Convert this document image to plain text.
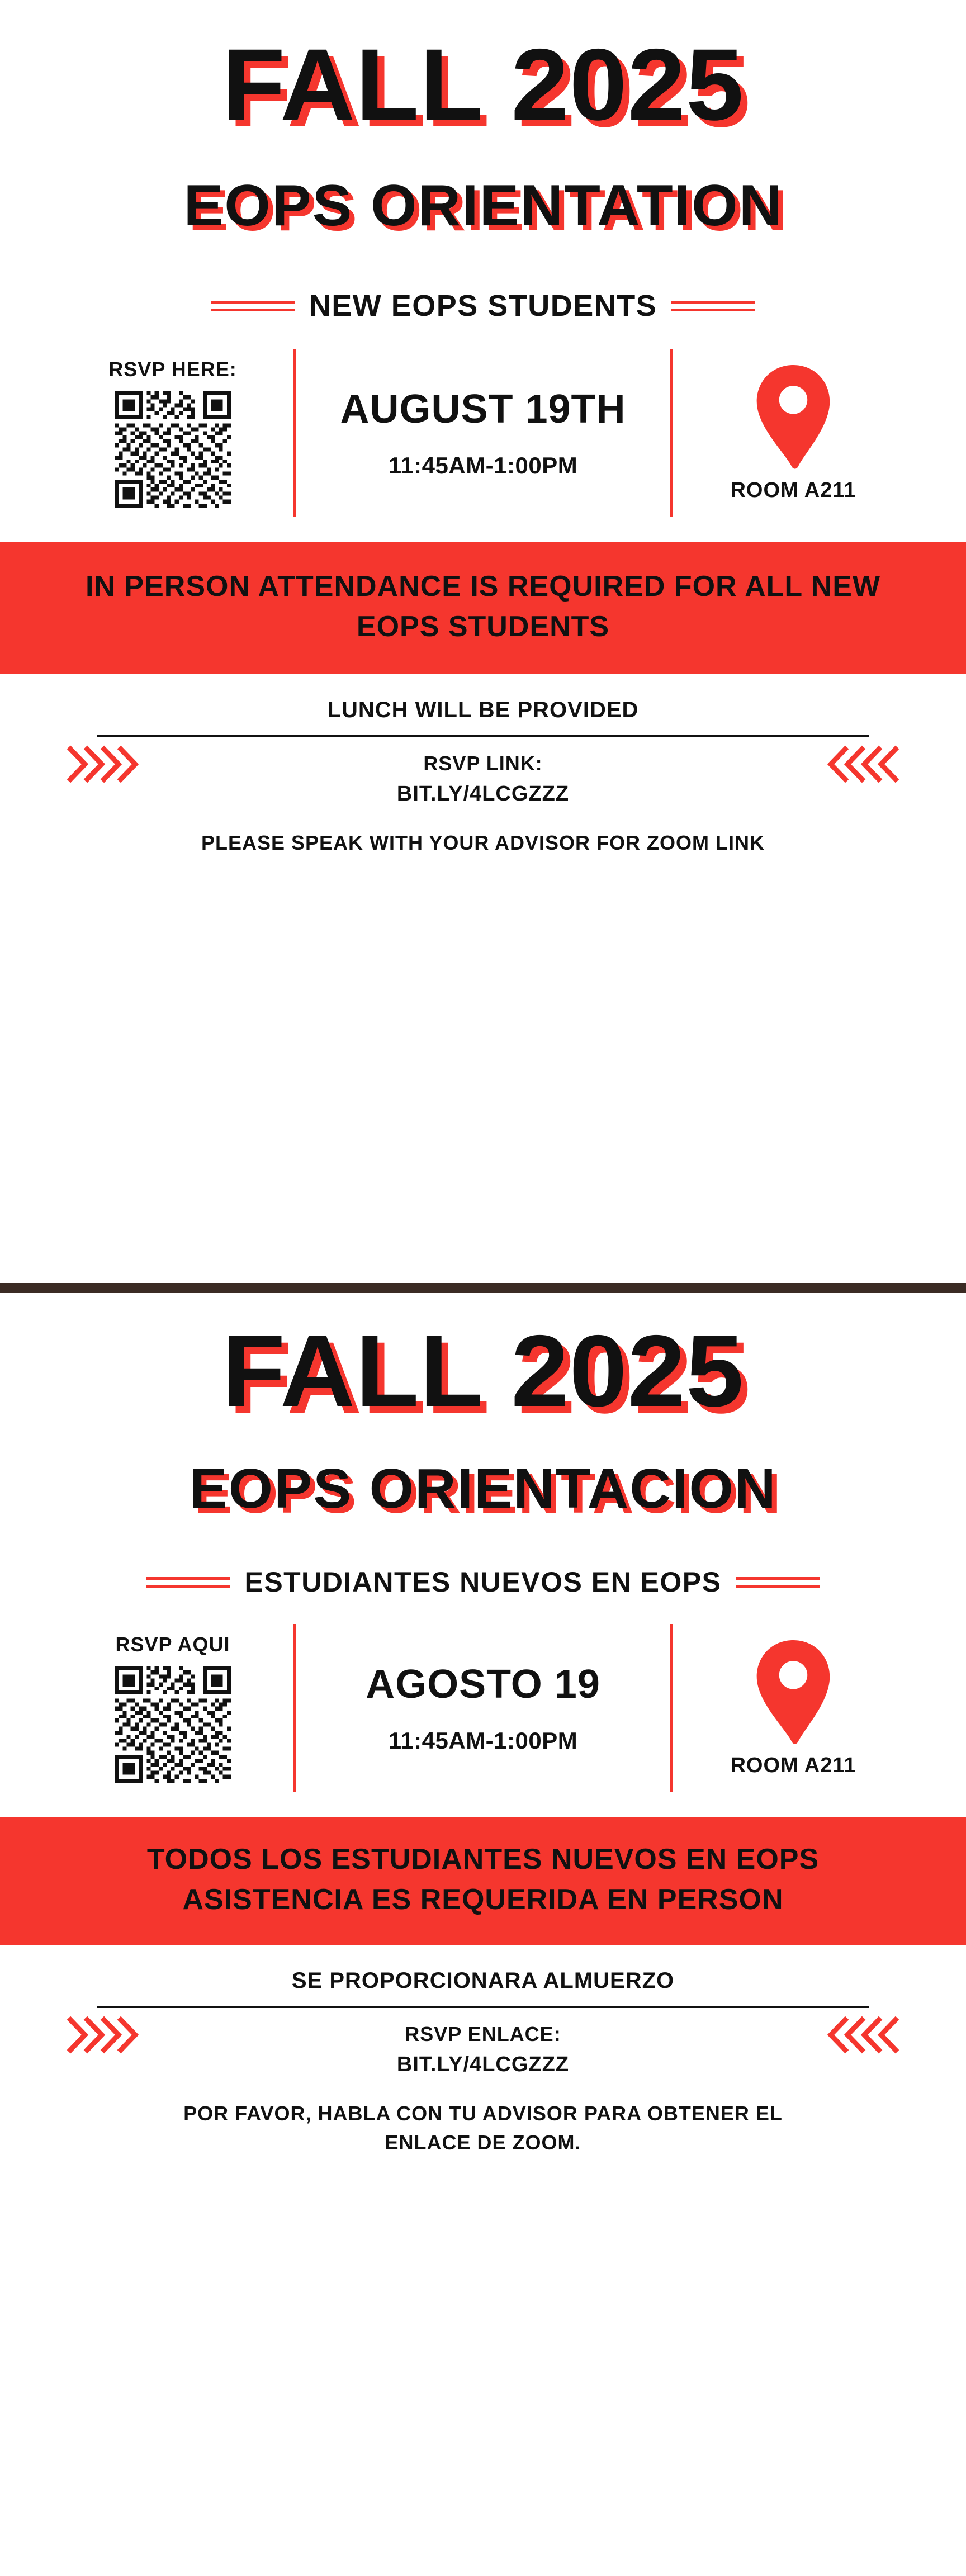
FALL 2025
EOPS ORIENTATION
NEW EOPS STUDENTS
RSVP HERE:
AUGUST 19TH
11:45AM-1:00PM
ROOM A211

IN PERSON ATTENDANCE IS REQUIRED FOR ALL NEW EOPS STUDENTS

LUNCH WILL BE PROVIDED
RSVP LINK:
BIT.LY/4LCGZZZ
PLEASE SPEAK WITH YOUR ADVISOR FOR ZOOM LINK
FALL 2025
EOPS ORIENTACION
ESTUDIANTES NUEVOS EN EOPS
RSVP AQUI
AGOSTO 19
11:45AM-1:00PM
ROOM A211

TODOS LOS ESTUDIANTES NUEVOS EN EOPS ASISTENCIA ES REQUERIDA EN PERSON

SE PROPORCIONARA ALMUERZO
RSVP ENLACE:
BIT.LY/4LCGZZZ
POR FAVOR, HABLA CON TU ADVISOR PARA OBTENER EL ENLACE DE ZOOM.
